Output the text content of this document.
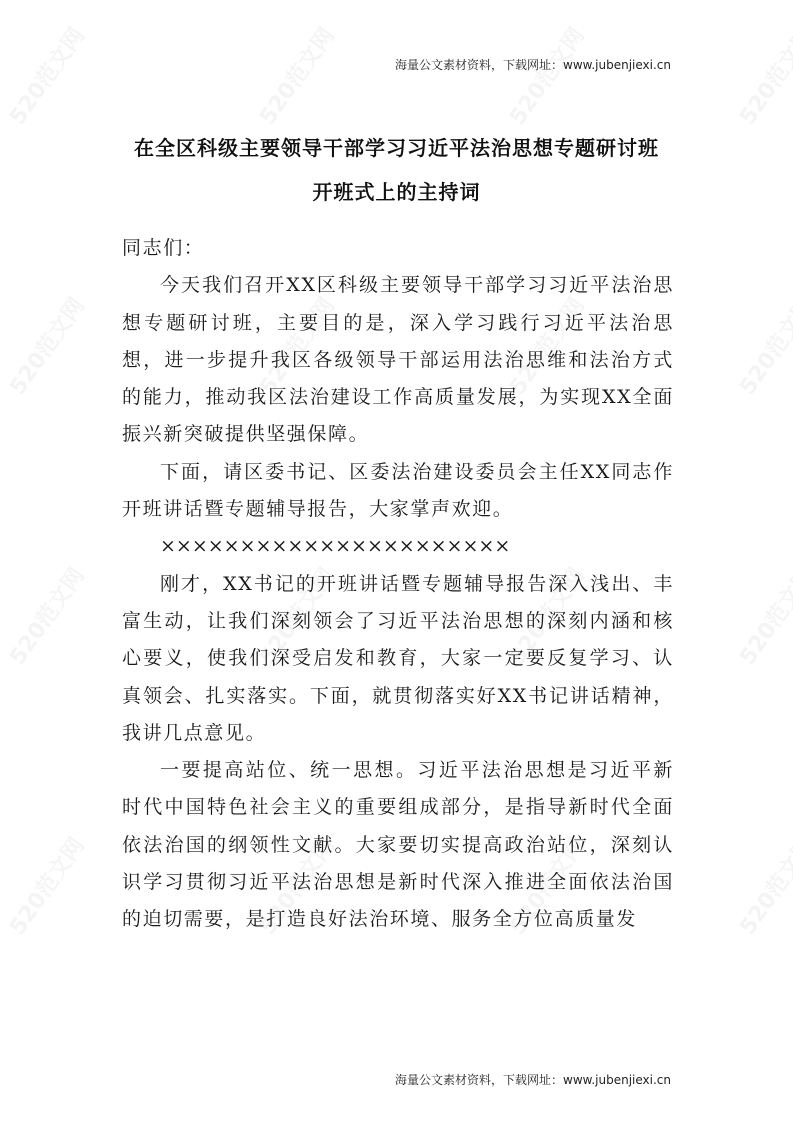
海量公文素材资料，下载网址：www.jubenjiexi.cn
在全区科级主要领导干部学习习近平法治思想专题研讨班
开班式上的主持词

同志们：

今天我们召开XX区科级主要领导干部学习习近平法治思想专题研讨班，主要目的是，深入学习践行习近平法治思想，进一步提升我区各级领导干部运用法治思维和法治方式的能力，推动我区法治建设工作高质量发展，为实现XX全面振兴新突破提供坚强保障。

下面，请区委书记、区委法治建设委员会主任XX同志作开班讲话暨专题辅导报告，大家掌声欢迎。

××××××××××××××××××××××

刚才，XX书记的开班讲话暨专题辅导报告深入浅出、丰富生动，让我们深刻领会了习近平法治思想的深刻内涵和核心要义，使我们深受启发和教育，大家一定要反复学习、认真领会、扎实落实。下面，就贯彻落实好XX书记讲话精神，我讲几点意见。

一要提高站位、统一思想。习近平法治思想是习近平新时代中国特色社会主义的重要组成部分，是指导新时代全面依法治国的纲领性文献。大家要切实提高政治站位，深刻认识学习贯彻习近平法治思想是新时代深入推进全面依法治国的迫切需要，是打造良好法治环境、服务全方位高质量发

海量公文素材资料，下载网址：www.jubenjiexi.cn
